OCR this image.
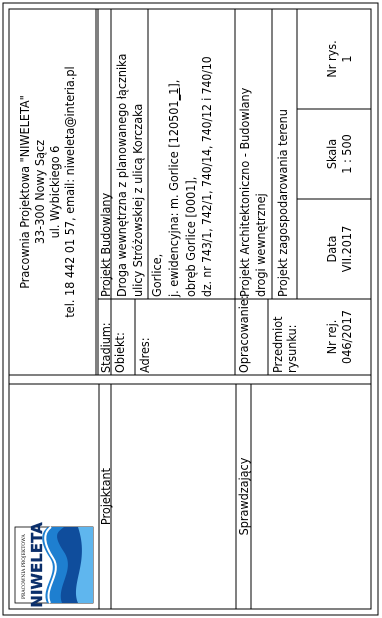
PRACOWNIA PROJEKTOWA NIWELETA
Pracownia Projektowa "NIWELETA" 33-300 Nowy Sącz ul. Wybickiego 6 tel. 18 442 01 57, email: niweleta@interia.pl
Projektant	Sprawdzający
Stadium: Obiekt: Adres:	Opracowanie: Przedmiot rysunku:
Projekt Budowlany Droga wewnętrzna z planowanego łącznika ulicy Stróżowskiej z ulicą Korczaka Gorlice, j. ewidencyjna: m. Gorlice [120501_1],
obręb Gorlice [0001], dz. nr 743/1, 742/1, 740/14, 740/12 i 740/10 Projekt Architektoniczno - Budowlany drogi wewnętrznej Projekt zagospodarowania terenu
Nr rej. 046/2017
Data VII.2017
Skala 1 : 500
Nr rys. 1
